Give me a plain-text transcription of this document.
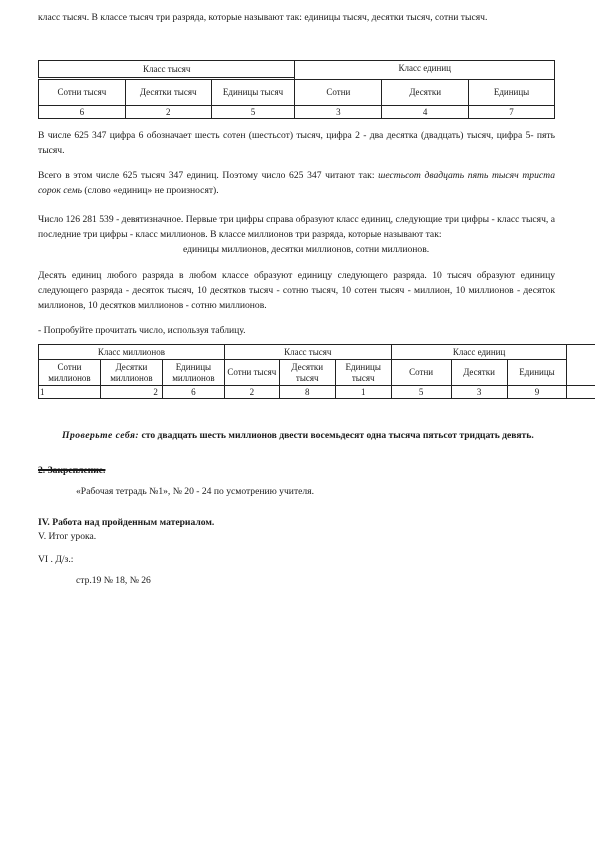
класс тысяч. В классе тысяч три разряда, которые называют так: единицы тысяч, десятки тысяч, сотни тысяч.

Класс тысяч			Класс единиц		

Сотни тысяч	Десятки тысяч	Единицы тысяч	Сотни	Десятки	Единицы
6	2	5	3	4	7

В числе 625 347 цифра 6 обозначает шесть сотен (шестьсот) тысяч, цифра 2 - два десятка (двадцать) тысяч, цифра 5- пять тысяч.

Всего в этом числе 625 тысяч 347 единиц. Поэтому число 625 347 читают так: шестьсот двадцать пять тысяч триста сорок семь (слово «единиц» не произносят).

Число 126 281 539 - девятизначное. Первые три цифры справа образуют класс единиц, следующие три цифры - класс тысяч, а последние три цифры - класс миллионов. В классе миллионов три разряда, которые называют так:

единицы миллионов, десятки миллионов, сотни миллионов.

Десять единиц любого разряда в любом классе образуют единицу следующего разряда. 10 тысяч образуют единицу следующего разряда - десяток тысяч, 10 десятков тысяч - сотню тысяч, 10 сотен тысяч - миллион, 10 миллионов - десяток миллионов, 10 десятков миллионов - сотню миллионов.

- Попробуйте прочитать число, используя таблицу.

Класс миллионов			Класс тысяч			Класс единиц			
Сотни миллионов	Десятки миллионов	Единицы миллионов	Сотни тысяч	Десятки тысяч	Единицы тысяч	Сотни	Десятки	Единицы	
1	2	6	2	8	1	5	3	9	

Проверьте себя: сто двадцать шесть миллионов двести восемьдесят одна тысяча пятьсот тридцать девять.

2. Закрепление.

«Рабочая тетрадь №1», № 20 - 24 по усмотрению учителя.

IV. Работа над пройденным материалом.

V. Итог урока.

VI . Д/з.:

стр.19 № 18, № 26
